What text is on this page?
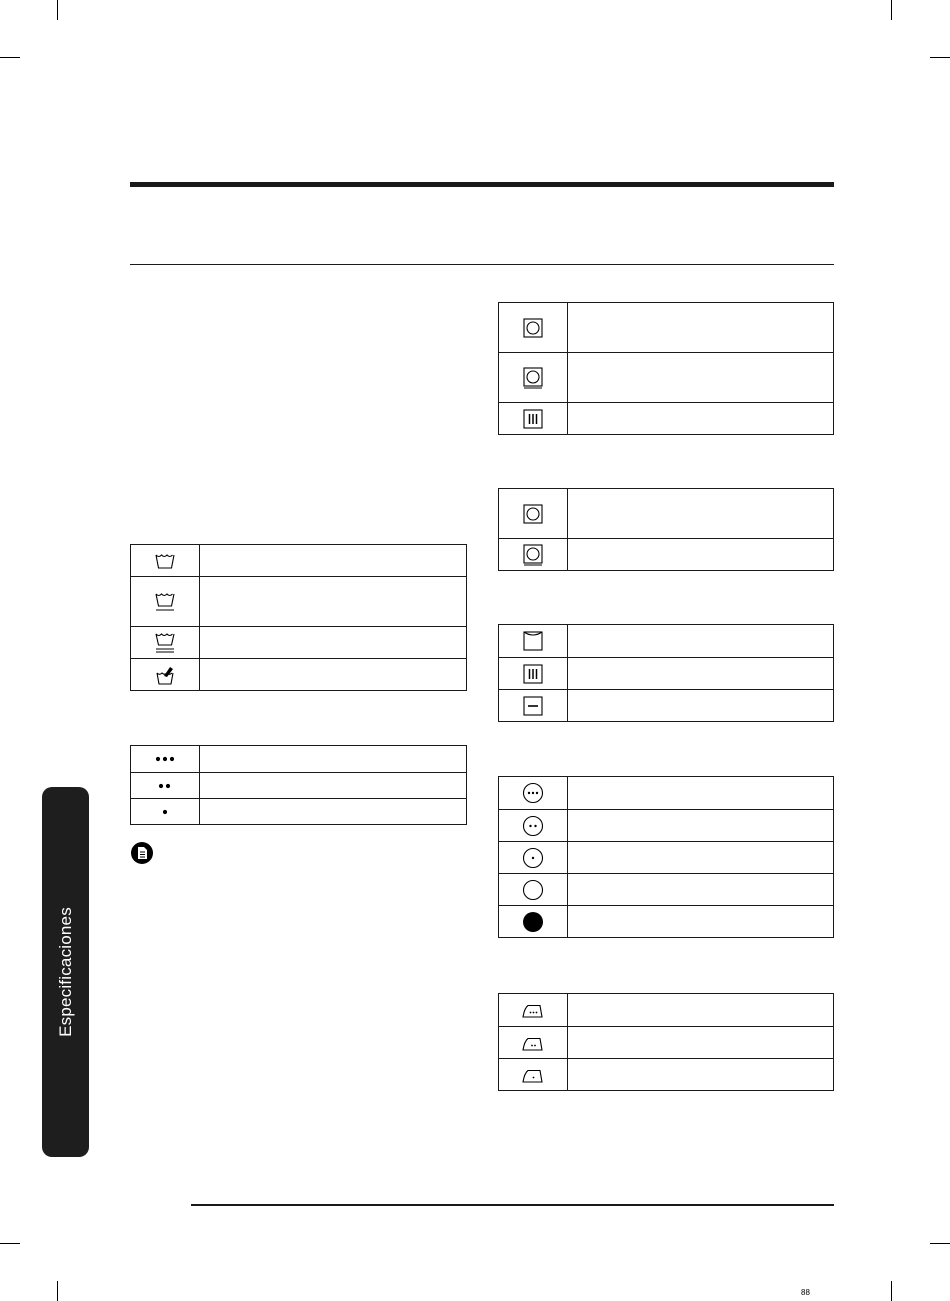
Especificaciones

88
